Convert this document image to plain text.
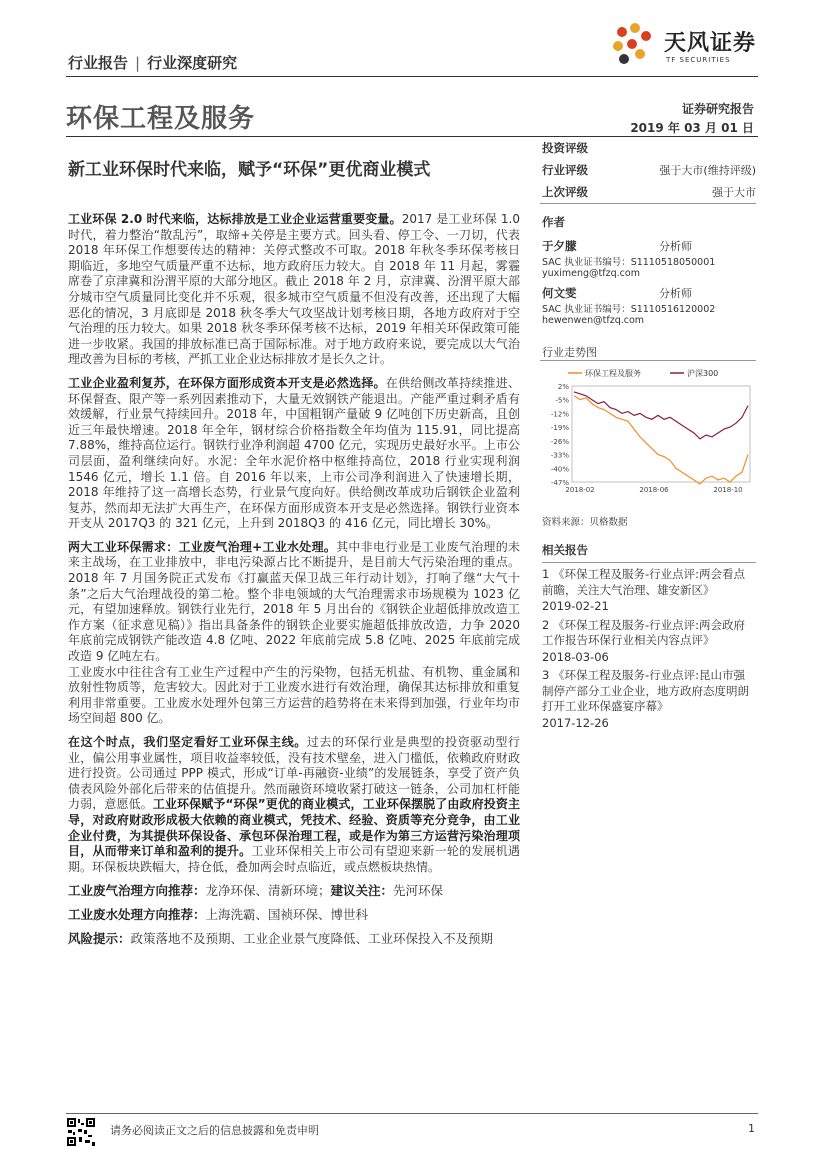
天风证券
TF SECURITIES
行业报告 | 行业深度研究
环保工程及服务	证券研究报告
2019 年 03 月 01 日
新工业环保时代来临，赋予“环保”更优商业模式
投资评级
行业评级	强于大市(维持评级)
上次评级	强于大市
作者
于夕朦	分析师
SAC 执业证书编号：S1110518050001
yuximeng@tfzq.com
何文雯	分析师
SAC 执业证书编号：S1110516120002
hewenwen@tfzq.com
行业走势图
2%
-5%
-12%
-19%
-26%
-33%
-40%
-47%
2018-02	2018-06	2018-10
环保工程及服务	沪深300
资料来源：贝格数据
相关报告

1 《环保工程及服务-行业点评:两会看点前瞻，关注大气治理、雄安新区》

2019-02-21

2 《环保工程及服务-行业点评:两会政府工作报告环保行业相关内容点评》

2018-03-06

3 《环保工程及服务-行业点评:昆山市强制停产部分工业企业，地方政府态度明朗打开工业环保盛宴序幕》

2017-12-26

工业环保 2.0 时代来临，达标排放是工业企业运营重要变量。2017 是工业环保 1.0 时代，着力整治“散乱污”，取缔+关停是主要方式。回头看、停工令、一刀切，代表 2018 年环保工作想要传达的精神：关停式整改不可取。2018 年秋冬季环保考核日期临近，多地空气质量严重不达标，地方政府压力较大。自 2018 年 11 月起，雾霾席卷了京津冀和汾渭平原的大部分地区。截止 2018 年 2 月，京津冀、汾渭平原大部分城市空气质量同比变化并不乐观，很多城市空气质量不但没有改善，还出现了大幅恶化的情况，3 月底即是 2018 秋冬季大气攻坚战计划考核日期，各地方政府对于空气治理的压力较大。如果 2018 秋冬季环保考核不达标，2019 年相关环保政策可能进一步收紧。我国的排放标准已高于国际标准。对于地方政府来说，要完成以大气治理改善为目标的考核，严抓工业企业达标排放才是长久之计。

工业企业盈利复苏，在环保方面形成资本开支是必然选择。在供给侧改革持续推进、环保督查、限产等一系列因素推动下，大量无效钢铁产能退出。产能严重过剩矛盾有效缓解，行业景气持续回升。2018 年，中国粗钢产量破 9 亿吨创下历史新高，且创近三年最快增速。2018 年全年，钢材综合价格指数全年均值为 115.91，同比提高 7.88%，维持高位运行。钢铁行业净利润超 4700 亿元，实现历史最好水平。上市公司层面，盈利继续向好。水泥：全年水泥价格中枢维持高位，2018 行业实现利润 1546 亿元，增长 1.1 倍。自 2016 年以来，上市公司净利润进入了快速增长期，2018 年维持了这一高增长态势，行业景气度向好。供给侧改革成功后钢铁企业盈利复苏，然而却无法扩大再生产，在环保方面形成资本开支是必然选择。钢铁行业资本开支从 2017Q3 的 321 亿元，上升到 2018Q3 的 416 亿元，同比增长 30%。

两大工业环保需求：工业废气治理+工业水处理。其中非电行业是工业废气治理的未来主战场，在工业排放中，非电污染源占比不断提升，是目前大气污染治理的重点。2018 年 7 月国务院正式发布《打赢蓝天保卫战三年行动计划》，打响了继“大气十条”之后大气治理战役的第二枪。整个非电领域的大气治理需求市场规模为 1023 亿元，有望加速释放。钢铁行业先行，2018 年 5 月出台的《钢铁企业超低排放改造工作方案（征求意见稿）》指出具备条件的钢铁企业要实施超低排放改造，力争 2020 年底前完成钢铁产能改造 4.8 亿吨、2022 年底前完成 5.8 亿吨、2025 年底前完成改造 9 亿吨左右。

工业废水中往往含有工业生产过程中产生的污染物，包括无机盐、有机物、重金属和放射性物质等，危害较大。因此对于工业废水进行有效治理，确保其达标排放和重复利用非常重要。工业废水处理外包第三方运营的趋势将在未来得到加强，行业年均市场空间超 800 亿。

在这个时点，我们坚定看好工业环保主线。过去的环保行业是典型的投资驱动型行业，偏公用事业属性，项目收益率较低，没有技术壁垒，进入门槛低，依赖政府财政进行投资。公司通过 PPP 模式，形成“订单-再融资-业绩”的发展链条，享受了资产负债表风险外部化后带来的估值提升。然而融资环境收紧打破这一链条，公司加杠杆能力弱，意愿低。工业环保赋予“环保”更优的商业模式，工业环保摆脱了由政府投资主导，对政府财政形成极大依赖的商业模式，凭技术、经验、资质等充分竞争，由工业企业付费，为其提供环保设备、承包环保治理工程，或是作为第三方运营污染治理项目，从而带来订单和盈利的提升。工业环保相关上市公司有望迎来新一轮的发展机遇期。环保板块跌幅大，持仓低，叠加两会时点临近，或点燃板块热情。

工业废气治理方向推荐：龙净环保、清新环境；建议关注：先河环保

工业废水处理方向推荐：上海洗霸、国祯环保、博世科

风险提示：政策落地不及预期、工业企业景气度降低、工业环保投入不及预期

请务必阅读正文之后的信息披露和免责申明	1
